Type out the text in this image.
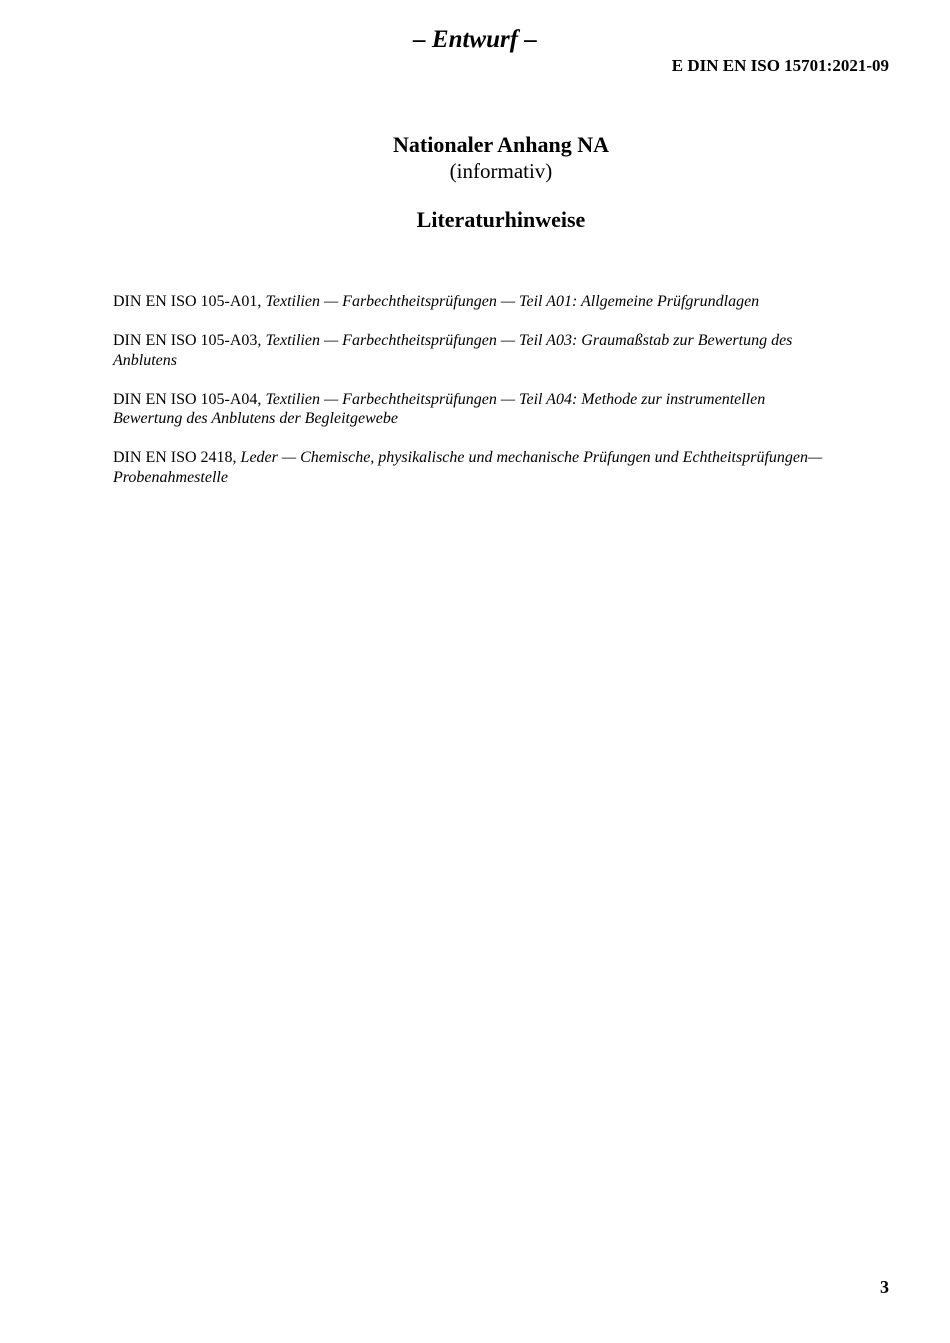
– Entwurf –
E DIN EN ISO 15701:2021-09
Nationaler Anhang NA
(informativ)
Literaturhinweise
DIN EN ISO 105-A01, Textilien — Farbechtheitsprüfungen — Teil A01: Allgemeine Prüfgrundlagen
DIN EN ISO 105-A03, Textilien — Farbechtheitsprüfungen — Teil A03: Graumaßstab zur Bewertung des
Anblutens
DIN EN ISO 105-A04, Textilien — Farbechtheitsprüfungen — Teil A04: Methode zur instrumentellen
Bewertung des Anblutens der Begleitgewebe
DIN EN ISO 2418, Leder — Chemische, physikalische und mechanische Prüfungen und Echtheitsprüfungen—
Probenahmestelle
3
